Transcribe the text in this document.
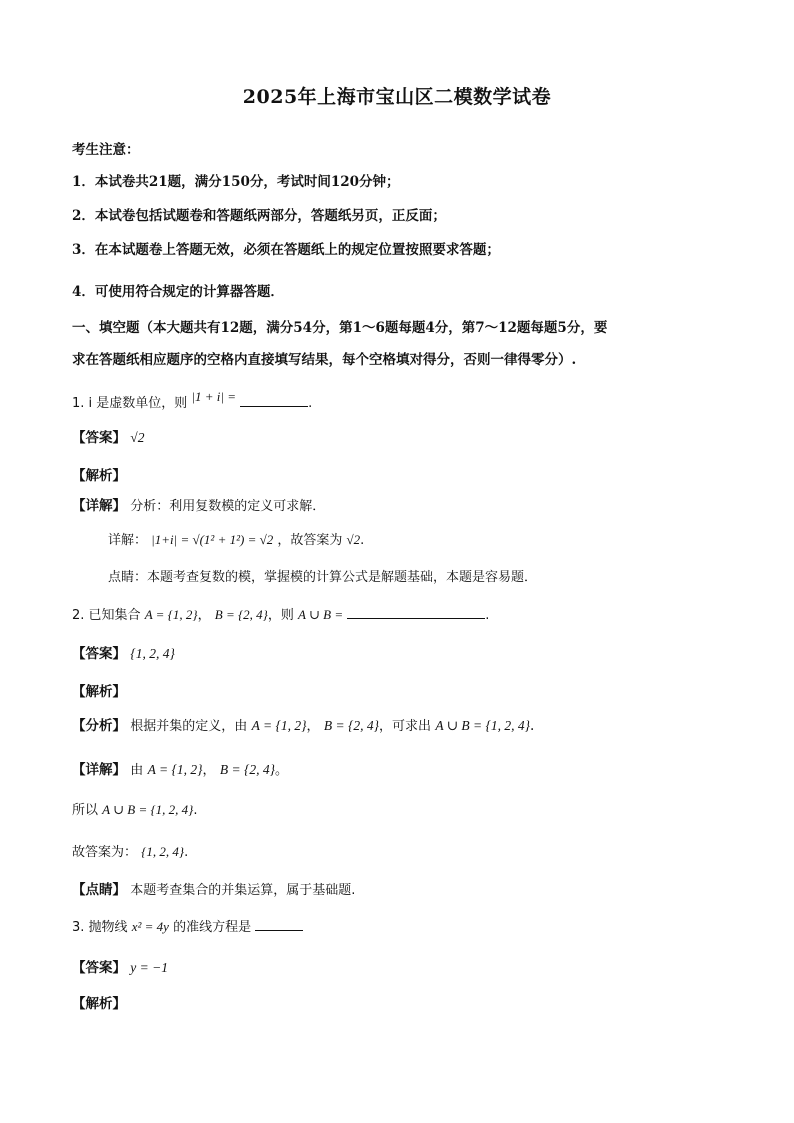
2025年上海市宝山区二模数学试卷
考生注意：
1．本试卷共21题，满分150分，考试时间120分钟；
2．本试卷包括试题卷和答题纸两部分，答题纸另页，正反面；
3．在本试题卷上答题无效，必须在答题纸上的规定位置按照要求答题；
4．可使用符合规定的计算器答题．
一、填空题（本大题共有12题，满分54分，第1～6题每题4分，第7～12题每题5分，要
求在答题纸相应题序的空格内直接填写结果，每个空格填对得分，否则一律得零分）.
1. i 是虚数单位，则 |1 + i| =	.
【答案】 √2
【解析】
【详解】 分析：利用复数模的定义可求解．
详解： |1+i| = √(1² + 1²) = √2 ，故答案为 √2.
点睛：本题考查复数的模，掌握模的计算公式是解题基础，本题是容易题．
2. 已知集合 A = {1, 2}， B = {2, 4}，则 A ∪ B =	.
【答案】 {1, 2, 4}
【解析】
【分析】 根据并集的定义，由 A = {1, 2}， B = {2, 4}，可求出 A ∪ B = {1, 2, 4}.
【详解】 由 A = {1, 2}， B = {2, 4}。
所以 A ∪ B = {1, 2, 4}.
故答案为： {1, 2, 4}.
【点睛】 本题考查集合的并集运算，属于基础题.
3. 抛物线 x² = 4y 的准线方程是
【答案】 y = −1
【解析】
